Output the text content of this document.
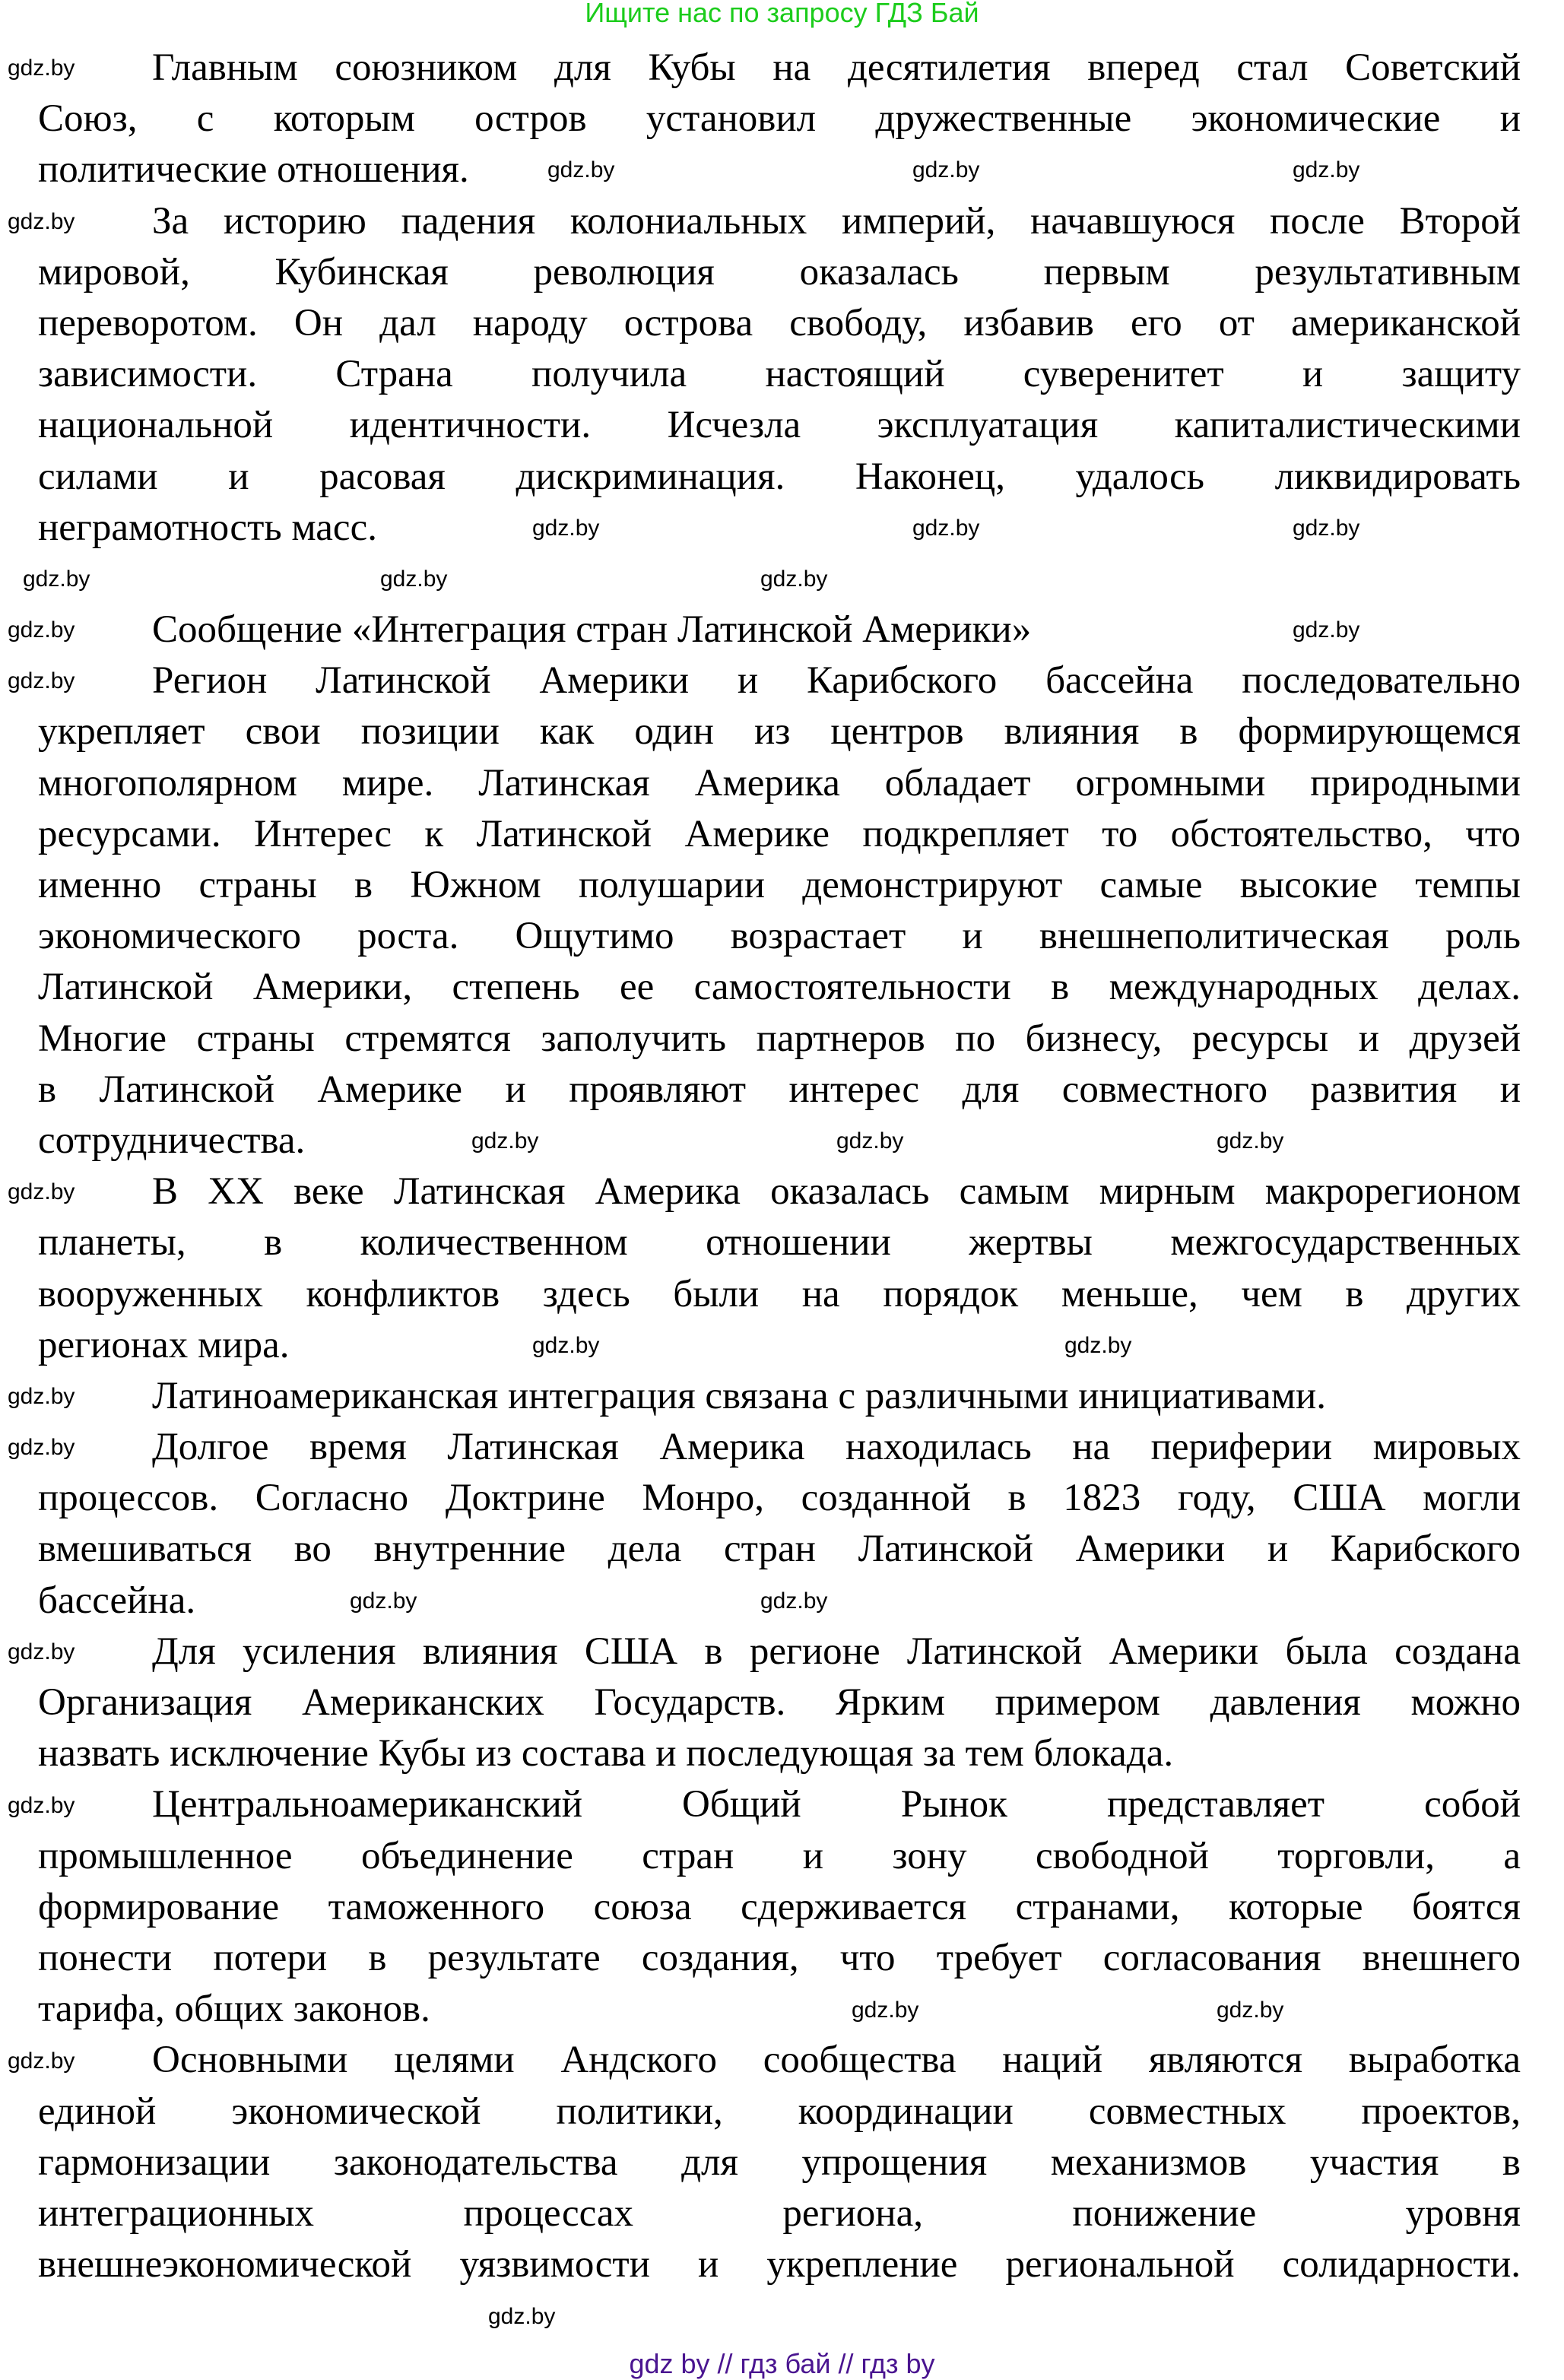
Ищите нас по запросу ГДЗ Бай
Главным союзником для Кубы на десятилетия вперед стал Советский
Союз, с которым остров установил дружественные экономические и
политические отношения.
За историю падения колониальных империй, начавшуюся после Второй
мировой, Кубинская революция оказалась первым результативным
переворотом. Он дал народу острова свободу, избавив его от американской
зависимости. Страна получила настоящий суверенитет и защиту
национальной идентичности. Исчезла эксплуатация капиталистическими
силами и расовая дискриминация. Наконец, удалось ликвидировать
неграмотность масс.
Сообщение «Интеграция стран Латинской Америки»
Регион Латинской Америки и Карибского бассейна последовательно
укрепляет свои позиции как один из центров влияния в формирующемся
многополярном мире. Латинская Америка обладает огромными природными
ресурсами. Интерес к Латинской Америке подкрепляет то обстоятельство, что
именно страны в Южном полушарии демонстрируют самые высокие темпы
экономического роста. Ощутимо возрастает и внешнеполитическая роль
Латинской Америки, степень ее самостоятельности в международных делах.
Многие страны стремятся заполучить партнеров по бизнесу, ресурсы и друзей
в Латинской Америке и проявляют интерес для совместного развития и
сотрудничества.
В XX веке Латинская Америка оказалась самым мирным макрорегионом
планеты, в количественном отношении жертвы межгосударственных
вооруженных конфликтов здесь были на порядок меньше, чем в других
регионах мира.
Латиноамериканская интеграция связана с различными инициативами.
Долгое время Латинская Америка находилась на периферии мировых
процессов. Согласно Доктрине Монро, созданной в 1823 году, США могли
вмешиваться во внутренние дела стран Латинской Америки и Карибского
бассейна.
Для усиления влияния США в регионе Латинской Америки была создана
Организация Американских Государств. Ярким примером давления можно
назвать исключение Кубы из состава и последующая за тем блокада.
Центральноамериканский Общий Рынок представляет собой
промышленное объединение стран и зону свободной торговли, а
формирование таможенного союза сдерживается странами, которые боятся
понести потери в результате создания, что требует согласования внешнего
тарифа, общих законов.
Основными целями Андского сообщества наций являются выработка
единой экономической политики, координации совместных проектов,
гармонизации законодательства для упрощения механизмов участия в
интеграционных процессах региона, понижение уровня
внешнеэкономической уязвимости и укрепление региональной солидарности.
gdz.by
gdz.by	gdz.by	gdz.by
gdz.by
gdz.by	gdz.by	gdz.by
gdz.by	gdz.by	gdz.by
gdz.by	gdz.by
gdz.by
gdz.by	gdz.by	gdz.by
gdz.by
gdz.by	gdz.by
gdz.by
gdz.by
gdz.by	gdz.by
gdz.by
gdz.by
gdz.by	gdz.by
gdz.by
gdz.by
gdz by // гдз бай // гдз by
